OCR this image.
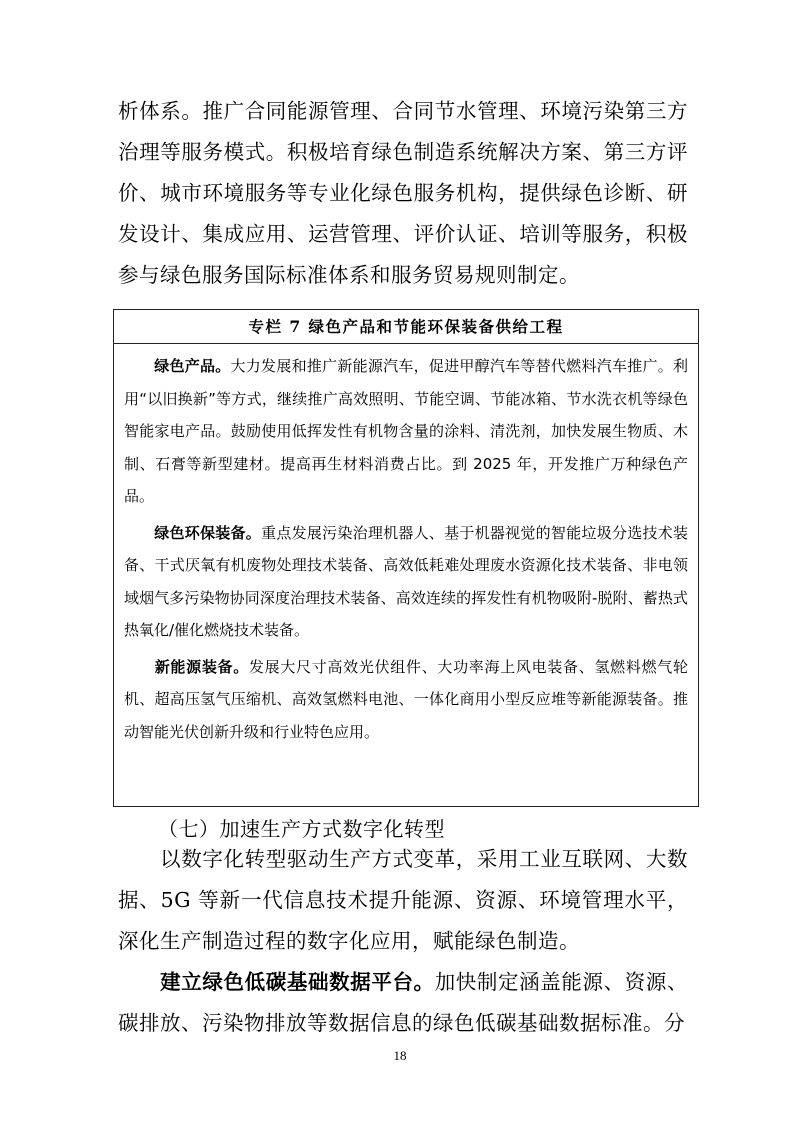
析体系。推广合同能源管理、合同节水管理、环境污染第三方治理等服务模式。积极培育绿色制造系统解决方案、第三方评价、城市环境服务等专业化绿色服务机构，提供绿色诊断、研发设计、集成应用、运营管理、评价认证、培训等服务，积极参与绿色服务国际标准体系和服务贸易规则制定。

专栏 7 绿色产品和节能环保装备供给工程

绿色产品。大力发展和推广新能源汽车，促进甲醇汽车等替代燃料汽车推广。利用“以旧换新”等方式，继续推广高效照明、节能空调、节能冰箱、节水洗衣机等绿色智能家电产品。鼓励使用低挥发性有机物含量的涂料、清洗剂，加快发展生物质、木制、石膏等新型建材。提高再生材料消费占比。到 2025 年，开发推广万种绿色产品。

绿色环保装备。重点发展污染治理机器人、基于机器视觉的智能垃圾分选技术装备、干式厌氧有机废物处理技术装备、高效低耗难处理废水资源化技术装备、非电领域烟气多污染物协同深度治理技术装备、高效连续的挥发性有机物吸附-脱附、蓄热式热氧化/催化燃烧技术装备。

新能源装备。发展大尺寸高效光伏组件、大功率海上风电装备、氢燃料燃气轮机、超高压氢气压缩机、高效氢燃料电池、一体化商用小型反应堆等新能源装备。推动智能光伏创新升级和行业特色应用。

（七）加速生产方式数字化转型

以数字化转型驱动生产方式变革，采用工业互联网、大数据、5G 等新一代信息技术提升能源、资源、环境管理水平，深化生产制造过程的数字化应用，赋能绿色制造。

建立绿色低碳基础数据平台。加快制定涵盖能源、资源、碳排放、污染物排放等数据信息的绿色低碳基础数据标准。分

18
